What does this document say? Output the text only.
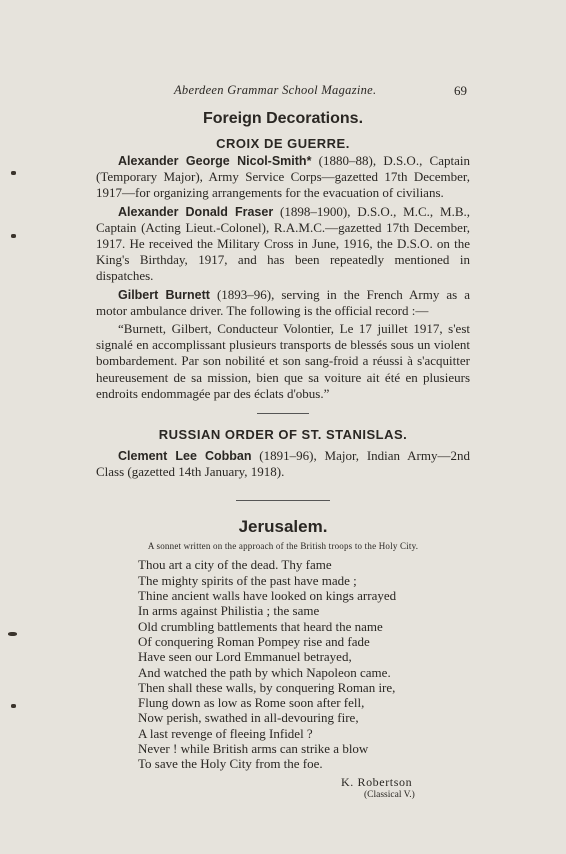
Aberdeen Grammar School Magazine.	69
Foreign Decorations.
CROIX DE GUERRE.

Alexander George Nicol-Smith* (1880–88), D.S.O., Captain (Temporary Major), Army Service Corps—gazetted 17th December, 1917—for organizing arrangements for the evacuation of civilians.

Alexander Donald Fraser (1898–1900), D.S.O., M.C., M.B., Captain (Acting Lieut.-Colonel), R.A.M.C.—gazetted 17th December, 1917. He received the Military Cross in June, 1916, the D.S.O. on the King's Birthday, 1917, and has been repeatedly mentioned in dispatches.

Gilbert Burnett (1893–96), serving in the French Army as a motor ambulance driver. The following is the official record :—

“Burnett, Gilbert, Conducteur Volontier, Le 17 juillet 1917, s'est signalé en accomplissant plusieurs transports de blessés sous un violent bombardement. Par son nobilité et son sang-froid a réussi à s'acquitter heureusement de sa mission, bien que sa voiture ait été en plusieurs endroits endommagée par des éclats d'obus.”

RUSSIAN ORDER OF ST. STANISLAS.

Clement Lee Cobban (1891–96), Major, Indian Army—2nd Class (gazetted 14th January, 1918).

Jerusalem.
A sonnet written on the approach of the British troops to the Holy City.
Thou art a city of the dead. Thy fame
The mighty spirits of the past have made ;
Thine ancient walls have looked on kings arrayed
In arms against Philistia ; the same
Old crumbling battlements that heard the name
Of conquering Roman Pompey rise and fade
Have seen our Lord Emmanuel betrayed,
And watched the path by which Napoleon came.
Then shall these walls, by conquering Roman ire,
Flung down as low as Rome soon after fell,
Now perish, swathed in all-devouring fire,
A last revenge of fleeing Infidel ?
Never ! while British arms can strike a blow
To save the Holy City from the foe.
K. Robertson
(Classical V.)
